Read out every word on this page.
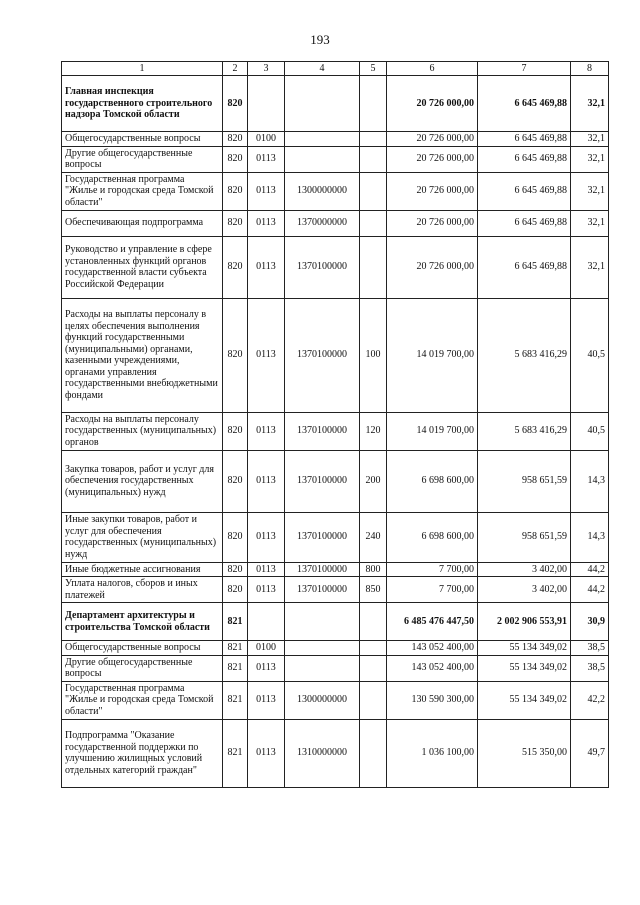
193
1	2	3	4	5	6	7	8
Главная инспекция государственного строительного надзора Томской области	820				20 726 000,00	6 645 469,88	32,1
Общегосударственные вопросы	820	0100			20 726 000,00	6 645 469,88	32,1
Другие общегосударственные вопросы	820	0113			20 726 000,00	6 645 469,88	32,1
Государственная программа "Жилье и городская среда Томской области"	820	0113	1300000000		20 726 000,00	6 645 469,88	32,1
Обеспечивающая подпрограмма	820	0113	1370000000		20 726 000,00	6 645 469,88	32,1
Руководство и управление в сфере установленных функций органов государственной власти субъекта Российской Федерации	820	0113	1370100000		20 726 000,00	6 645 469,88	32,1
Расходы на выплаты персоналу в целях обеспечения выполнения функций государственными (муниципальными) органами, казенными учреждениями, органами управления государственными внебюджетными фондами	820	0113	1370100000	100	14 019 700,00	5 683 416,29	40,5
Расходы на выплаты персоналу государственных (муниципальных) органов	820	0113	1370100000	120	14 019 700,00	5 683 416,29	40,5
Закупка товаров, работ и услуг для обеспечения государственных (муниципальных) нужд	820	0113	1370100000	200	6 698 600,00	958 651,59	14,3
Иные закупки товаров, работ и услуг для обеспечения государственных (муниципальных) нужд	820	0113	1370100000	240	6 698 600,00	958 651,59	14,3
Иные бюджетные ассигнования	820	0113	1370100000	800	7 700,00	3 402,00	44,2
Уплата налогов, сборов и иных платежей	820	0113	1370100000	850	7 700,00	3 402,00	44,2
Департамент архитектуры и строительства Томской области	821				6 485 476 447,50	2 002 906 553,91	30,9
Общегосударственные вопросы	821	0100			143 052 400,00	55 134 349,02	38,5
Другие общегосударственные вопросы	821	0113			143 052 400,00	55 134 349,02	38,5
Государственная программа "Жилье и городская среда Томской области"	821	0113	1300000000		130 590 300,00	55 134 349,02	42,2
Подпрограмма "Оказание государственной поддержки по улучшению жилищных условий отдельных категорий граждан"	821	0113	1310000000		1 036 100,00	515 350,00	49,7
